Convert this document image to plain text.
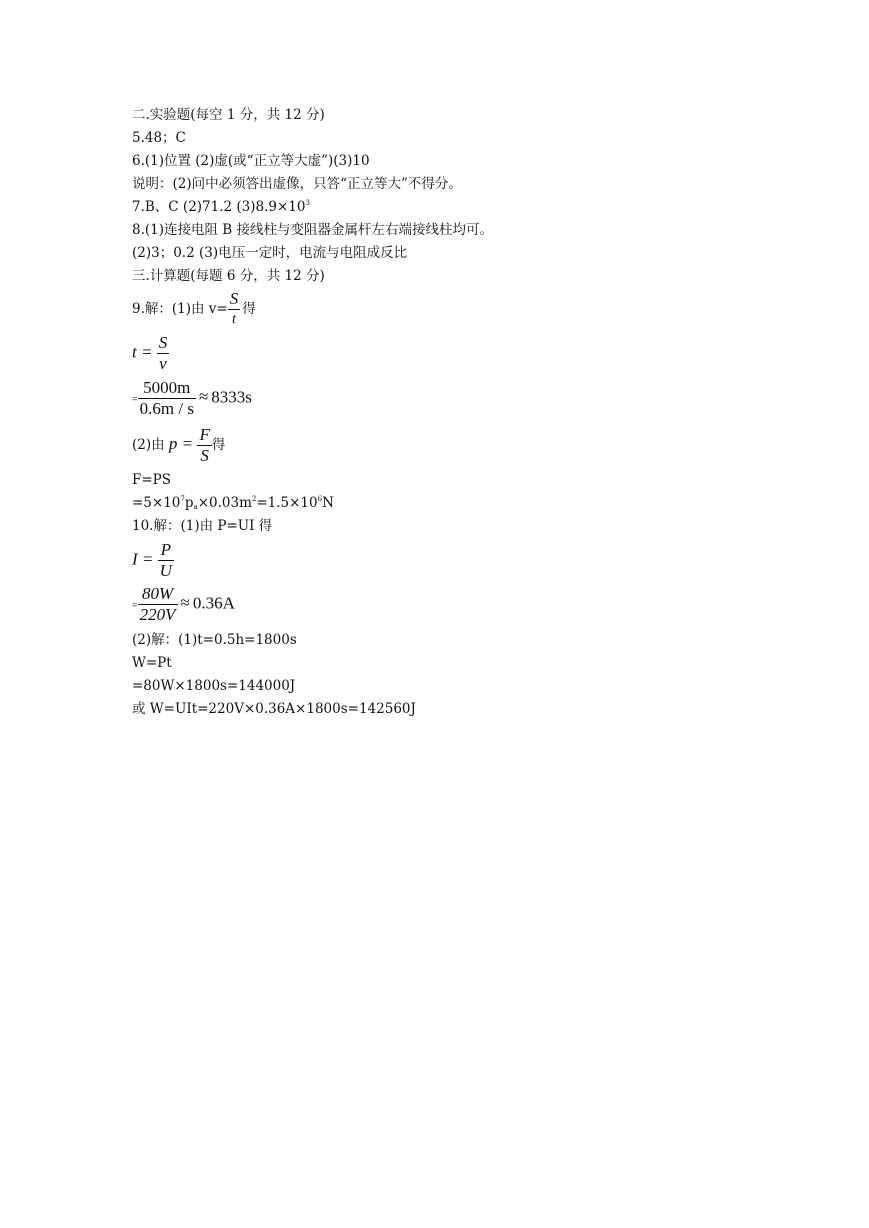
二.实验题(每空 1 分，共 12 分)
5.48；C
6.(1)位置 (2)虚(或“正立等大虚”)(3)10
说明：(2)问中必须答出虚像，只答“正立等大”不得分。
7.B、C (2)71.2 $(3)8.9\times 10^3$
8.(1)连接电阻 B 接线柱与变阻器金属杆左右端接线柱均可。
(2)3；0.2 (3)电压一定时，电流与电阻成反比
三.计算题(每题 6 分，共 12 分)
9.解：(1)由 $v= \frac{S}{t}$ 得
$t = \frac{S}{v}$
= $\frac{5000m}{0.6m / s} \approx 8333s$
(2)由 $p = \frac{F}{S}$ 得
F=PS
$=5\times 10^7p_a\times 0.03m^2=1.5\times 10^6N$
10.解：(1)由 P=UI 得
$I = \frac{P}{U}$
= $\frac{80W}{220V} \approx 0.36A$
(2)解：(1)t=0.5h=1800s
W=Pt
=80W×1800s=144000J
或 W=UIt=220V×0.36A×1800s=142560J
